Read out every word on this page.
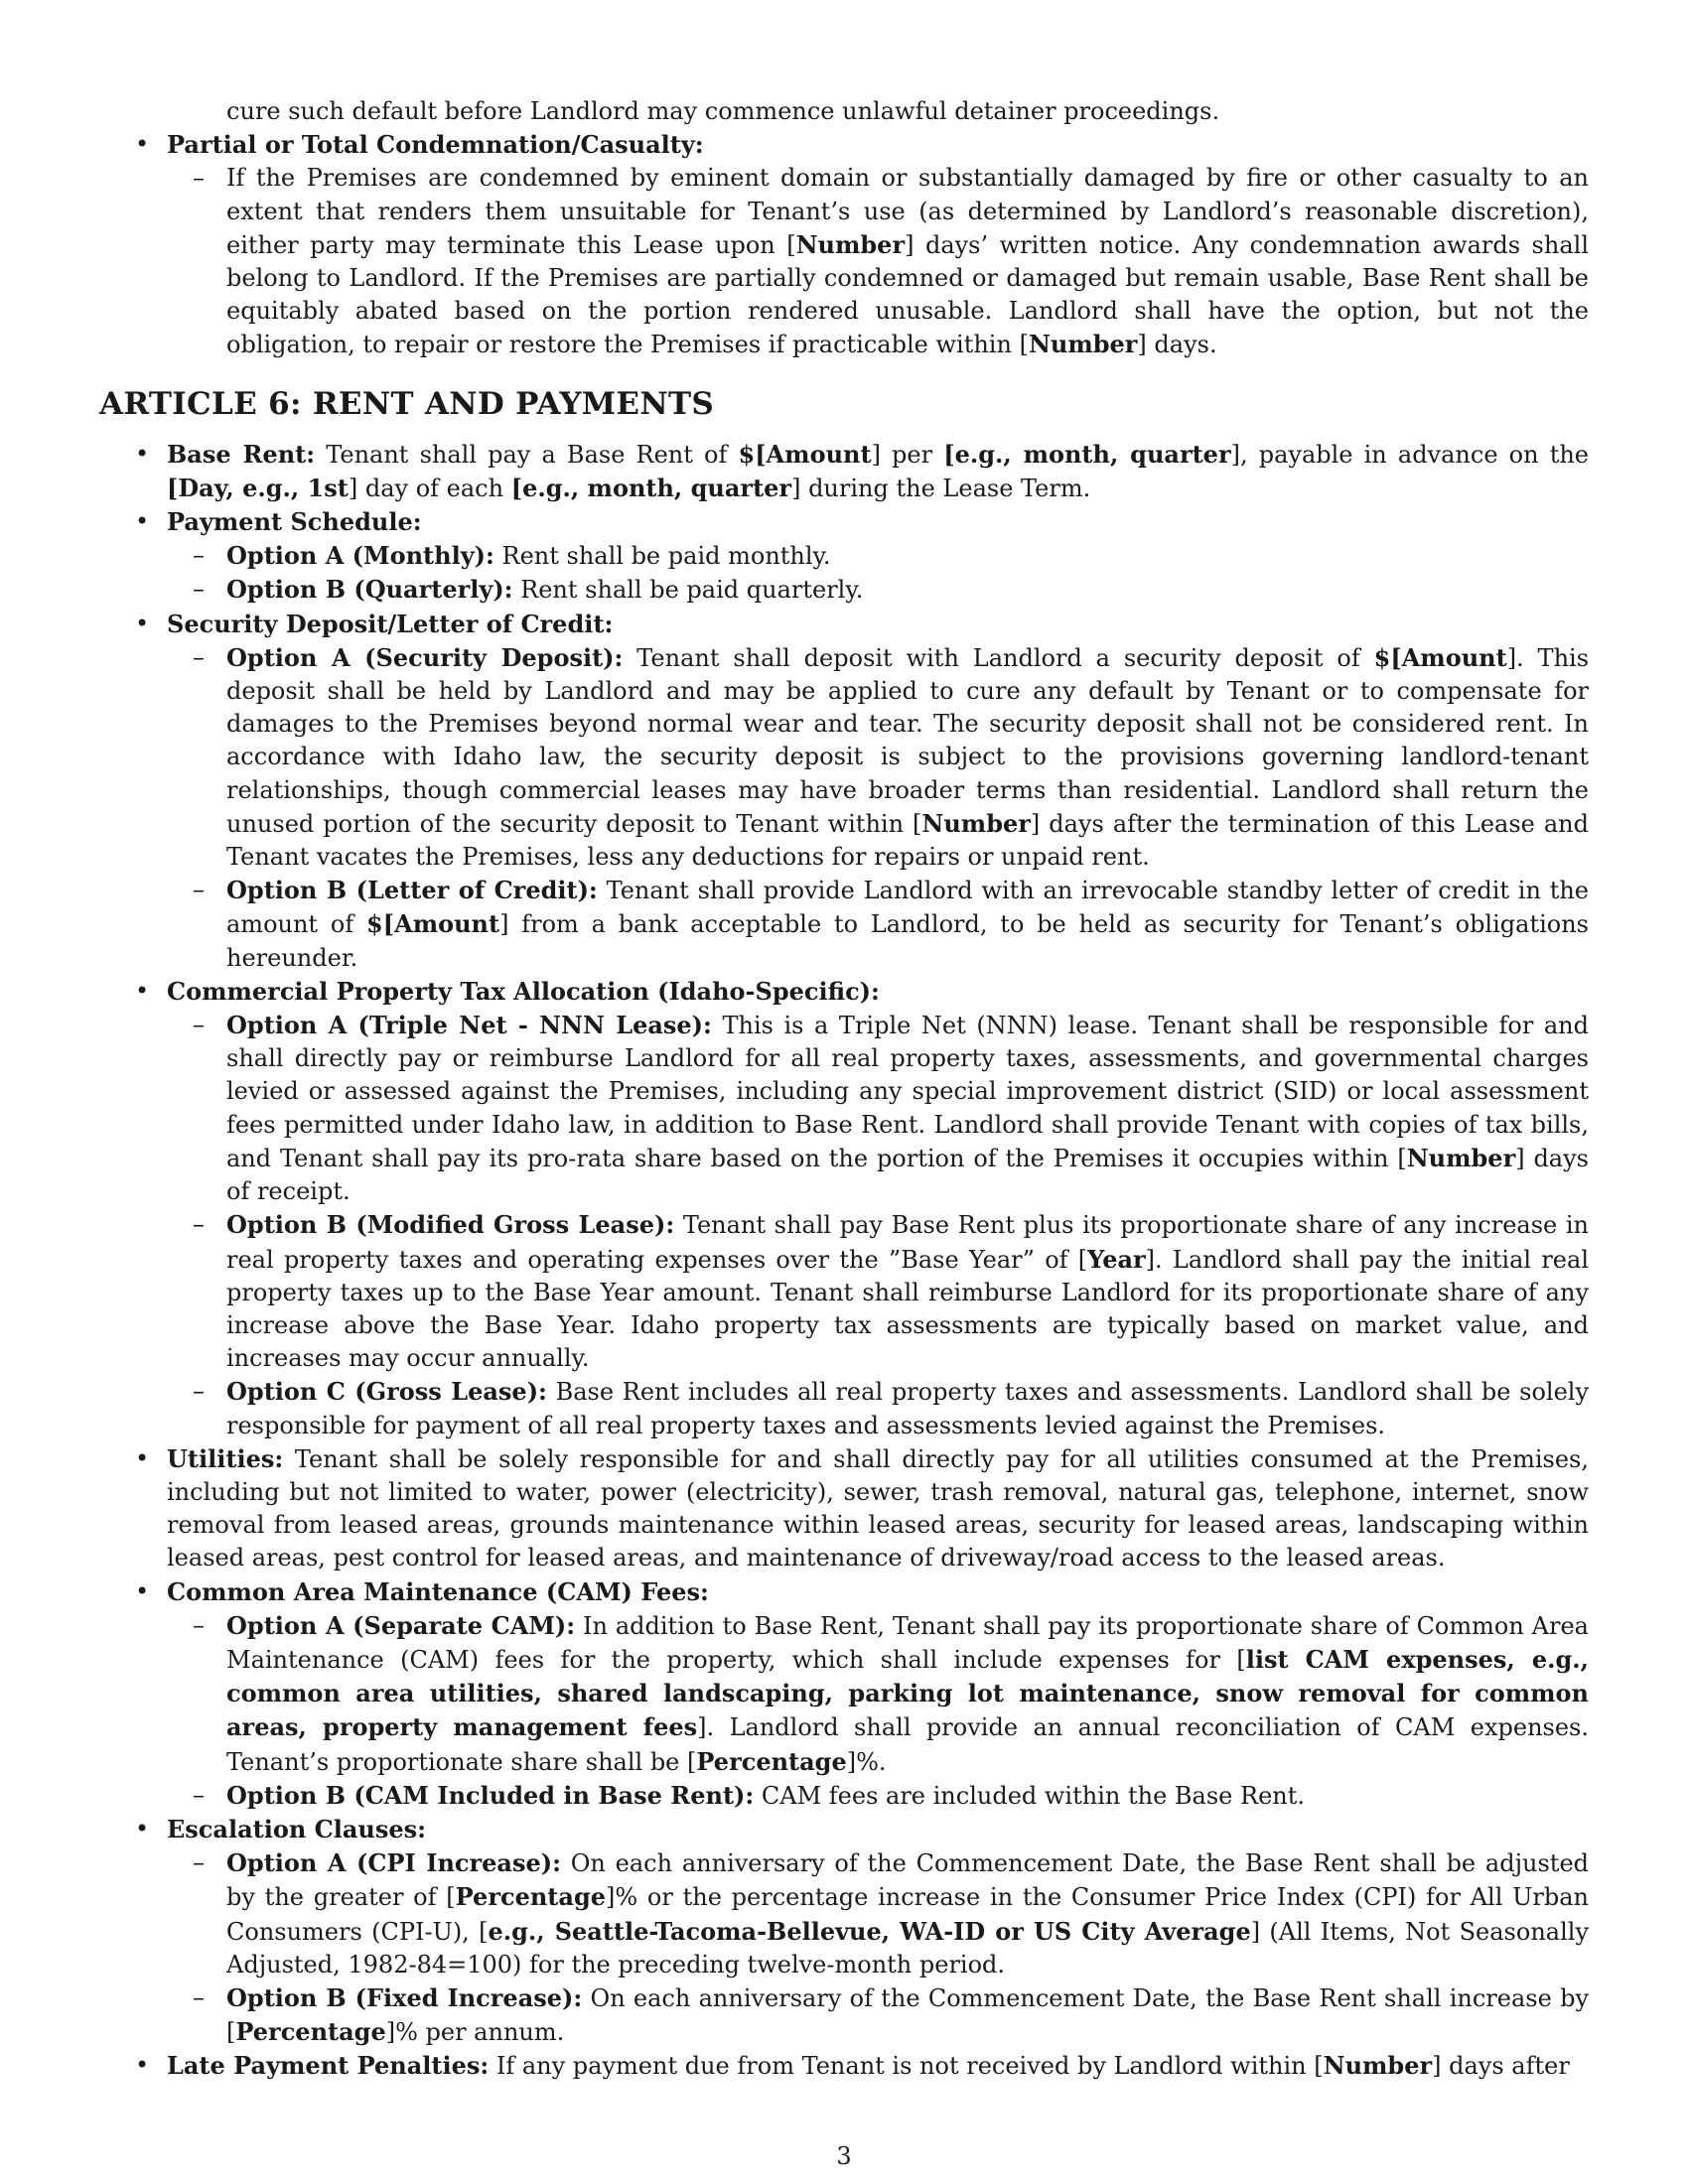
cure such default before Landlord may commence unlawful detainer proceedings.
• Partial or Total Condemnation/Casualty:
– If the Premises are condemned by eminent domain or substantially damaged by fire or other casualty to an extent that renders them unsuitable for Tenant’s use (as determined by Landlord’s reasonable discretion), either party may terminate this Lease upon [Number] days’ written notice. Any condemnation awards shall belong to Landlord. If the Premises are partially condemned or damaged but remain usable, Base Rent shall be equitably abated based on the portion rendered unusable. Landlord shall have the option, but not the obligation, to repair or restore the Premises if practicable within [Number] days.
ARTICLE 6: RENT AND PAYMENTS
• Base Rent: Tenant shall pay a Base Rent of $[Amount] per [e.g., month, quarter], payable in advance on the [Day, e.g., 1st] day of each [e.g., month, quarter] during the Lease Term.
• Payment Schedule:
– Option A (Monthly): Rent shall be paid monthly.
– Option B (Quarterly): Rent shall be paid quarterly.
• Security Deposit/Letter of Credit:
– Option A (Security Deposit): Tenant shall deposit with Landlord a security deposit of $[Amount]. This deposit shall be held by Landlord and may be applied to cure any default by Tenant or to compensate for damages to the Premises beyond normal wear and tear. The security deposit shall not be considered rent. In accordance with Idaho law, the security deposit is subject to the provisions governing landlord-tenant relationships, though commercial leases may have broader terms than residential. Landlord shall return the unused portion of the security deposit to Tenant within [Number] days after the termination of this Lease and Tenant vacates the Premises, less any deductions for repairs or unpaid rent.
– Option B (Letter of Credit): Tenant shall provide Landlord with an irrevocable standby letter of credit in the amount of $[Amount] from a bank acceptable to Landlord, to be held as security for Tenant’s obligations hereunder.
• Commercial Property Tax Allocation (Idaho-Specific):
– Option A (Triple Net - NNN Lease): This is a Triple Net (NNN) lease. Tenant shall be responsible for and shall directly pay or reimburse Landlord for all real property taxes, assessments, and governmental charges levied or assessed against the Premises, including any special improvement district (SID) or local assessment fees permitted under Idaho law, in addition to Base Rent. Landlord shall provide Tenant with copies of tax bills, and Tenant shall pay its pro-rata share based on the portion of the Premises it occupies within [Number] days of receipt.
– Option B (Modified Gross Lease): Tenant shall pay Base Rent plus its proportionate share of any increase in real property taxes and operating expenses over the ”Base Year” of [Year]. Landlord shall pay the initial real property taxes up to the Base Year amount. Tenant shall reimburse Landlord for its proportionate share of any increase above the Base Year. Idaho property tax assessments are typically based on market value, and increases may occur annually.
– Option C (Gross Lease): Base Rent includes all real property taxes and assessments. Landlord shall be solely responsible for payment of all real property taxes and assessments levied against the Premises.
• Utilities: Tenant shall be solely responsible for and shall directly pay for all utilities consumed at the Premises, including but not limited to water, power (electricity), sewer, trash removal, natural gas, telephone, internet, snow removal from leased areas, grounds maintenance within leased areas, security for leased areas, landscaping within leased areas, pest control for leased areas, and maintenance of driveway/road access to the leased areas.
• Common Area Maintenance (CAM) Fees:
– Option A (Separate CAM): In addition to Base Rent, Tenant shall pay its proportionate share of Common Area Maintenance (CAM) fees for the property, which shall include expenses for [list CAM expenses, e.g., common area utilities, shared landscaping, parking lot maintenance, snow removal for common areas, property management fees]. Landlord shall provide an annual reconciliation of CAM expenses. Tenant’s proportionate share shall be [Percentage]%.
– Option B (CAM Included in Base Rent): CAM fees are included within the Base Rent.
• Escalation Clauses:
– Option A (CPI Increase): On each anniversary of the Commencement Date, the Base Rent shall be adjusted by the greater of [Percentage]% or the percentage increase in the Consumer Price Index (CPI) for All Urban Consumers (CPI-U), [e.g., Seattle-Tacoma-Bellevue, WA-ID or US City Average] (All Items, Not Seasonally Adjusted, 1982-84=100) for the preceding twelve-month period.
– Option B (Fixed Increase): On each anniversary of the Commencement Date, the Base Rent shall increase by [Percentage]% per annum.
• Late Payment Penalties: If any payment due from Tenant is not received by Landlord within [Number] days after
3
